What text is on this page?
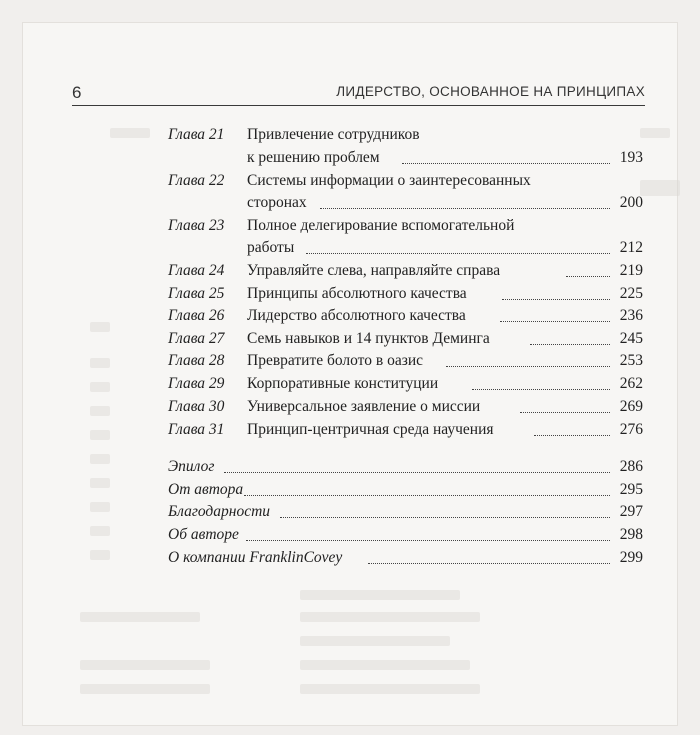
6	ЛИДЕРСТВО, ОСНОВАННОЕ НА ПРИНЦИПАХ
Глава 21	Привлечение сотрудников
к решению проблем	193
Глава 22	Системы информации о заинтересованных
сторонах	200
Глава 23	Полное делегирование вспомогательной
работы	212
Глава 24	Управляйте слева, направляйте справа	219
Глава 25	Принципы абсолютного качества	225
Глава 26	Лидерство абсолютного качества	236
Глава 27	Семь навыков и 14 пунктов Деминга	245
Глава 28	Превратите болото в оазис	253
Глава 29	Корпоративные конституции	262
Глава 30	Универсальное заявление о миссии	269
Глава 31	Принцип-центричная среда научения	276
Эпилог	286
От автора	295
Благодарности	297
Об авторе	298
О компании FranklinCovey	299
